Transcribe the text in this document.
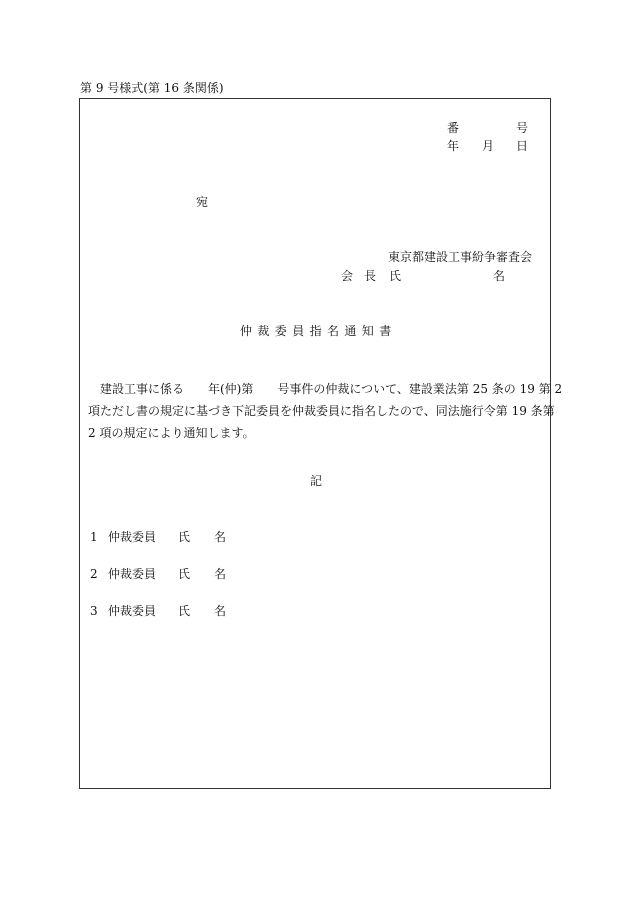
第 9 号様式(第 16 条関係)
番	号
年 月 日
宛
東京都建設工事紛争審査会
会 長 氏	名
仲裁委員指名通知書
建設工事に係る　　年(仲)第　　号事件の仲裁について、建設業法第 25 条の 19 第 2
項ただし書の規定に基づき下記委員を仲裁委員に指名したので、同法施行令第 19 条第
2 項の規定により通知します。
記
1 仲裁委員 氏 名
2 仲裁委員 氏 名
3 仲裁委員 氏 名
